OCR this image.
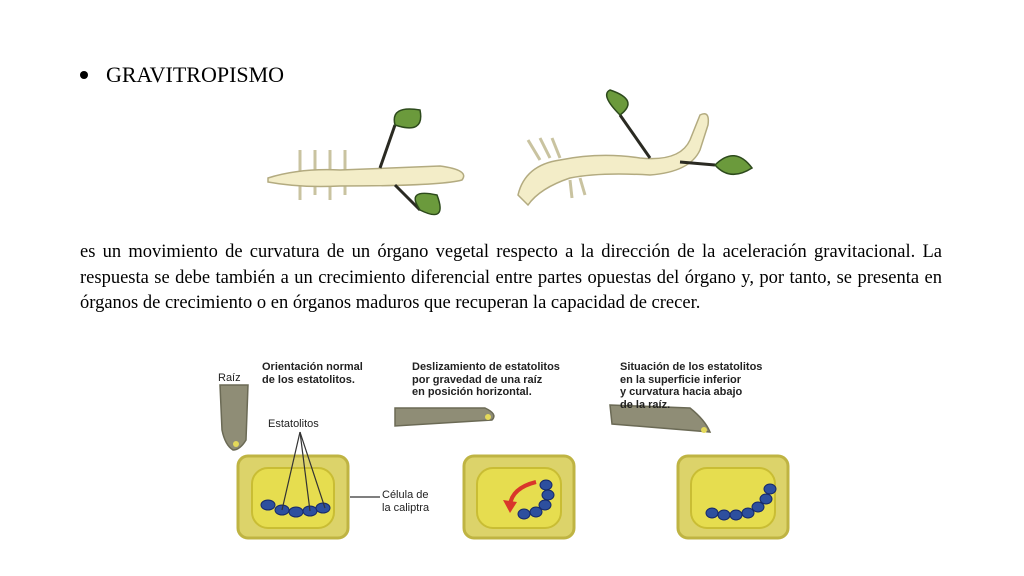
GRAVITROPISMO
es un movimiento de curvatura de un órgano vegetal respecto a la dirección de la aceleración gravitacional. La respuesta se debe también a un crecimiento diferencial entre partes opuestas del órgano y, por tanto, se presenta en órganos de crecimiento o en órganos maduros que recuperan la capacidad de crecer.
Raíz
Orientación normal
de los estatolitos.
Estatolitos
Deslizamiento de estatolitos
por gravedad de una raíz
en posición horizontal.
Situación de los estatolitos
en la superficie inferior
y curvatura hacia abajo
de la raíz.
Célula de
la caliptra
